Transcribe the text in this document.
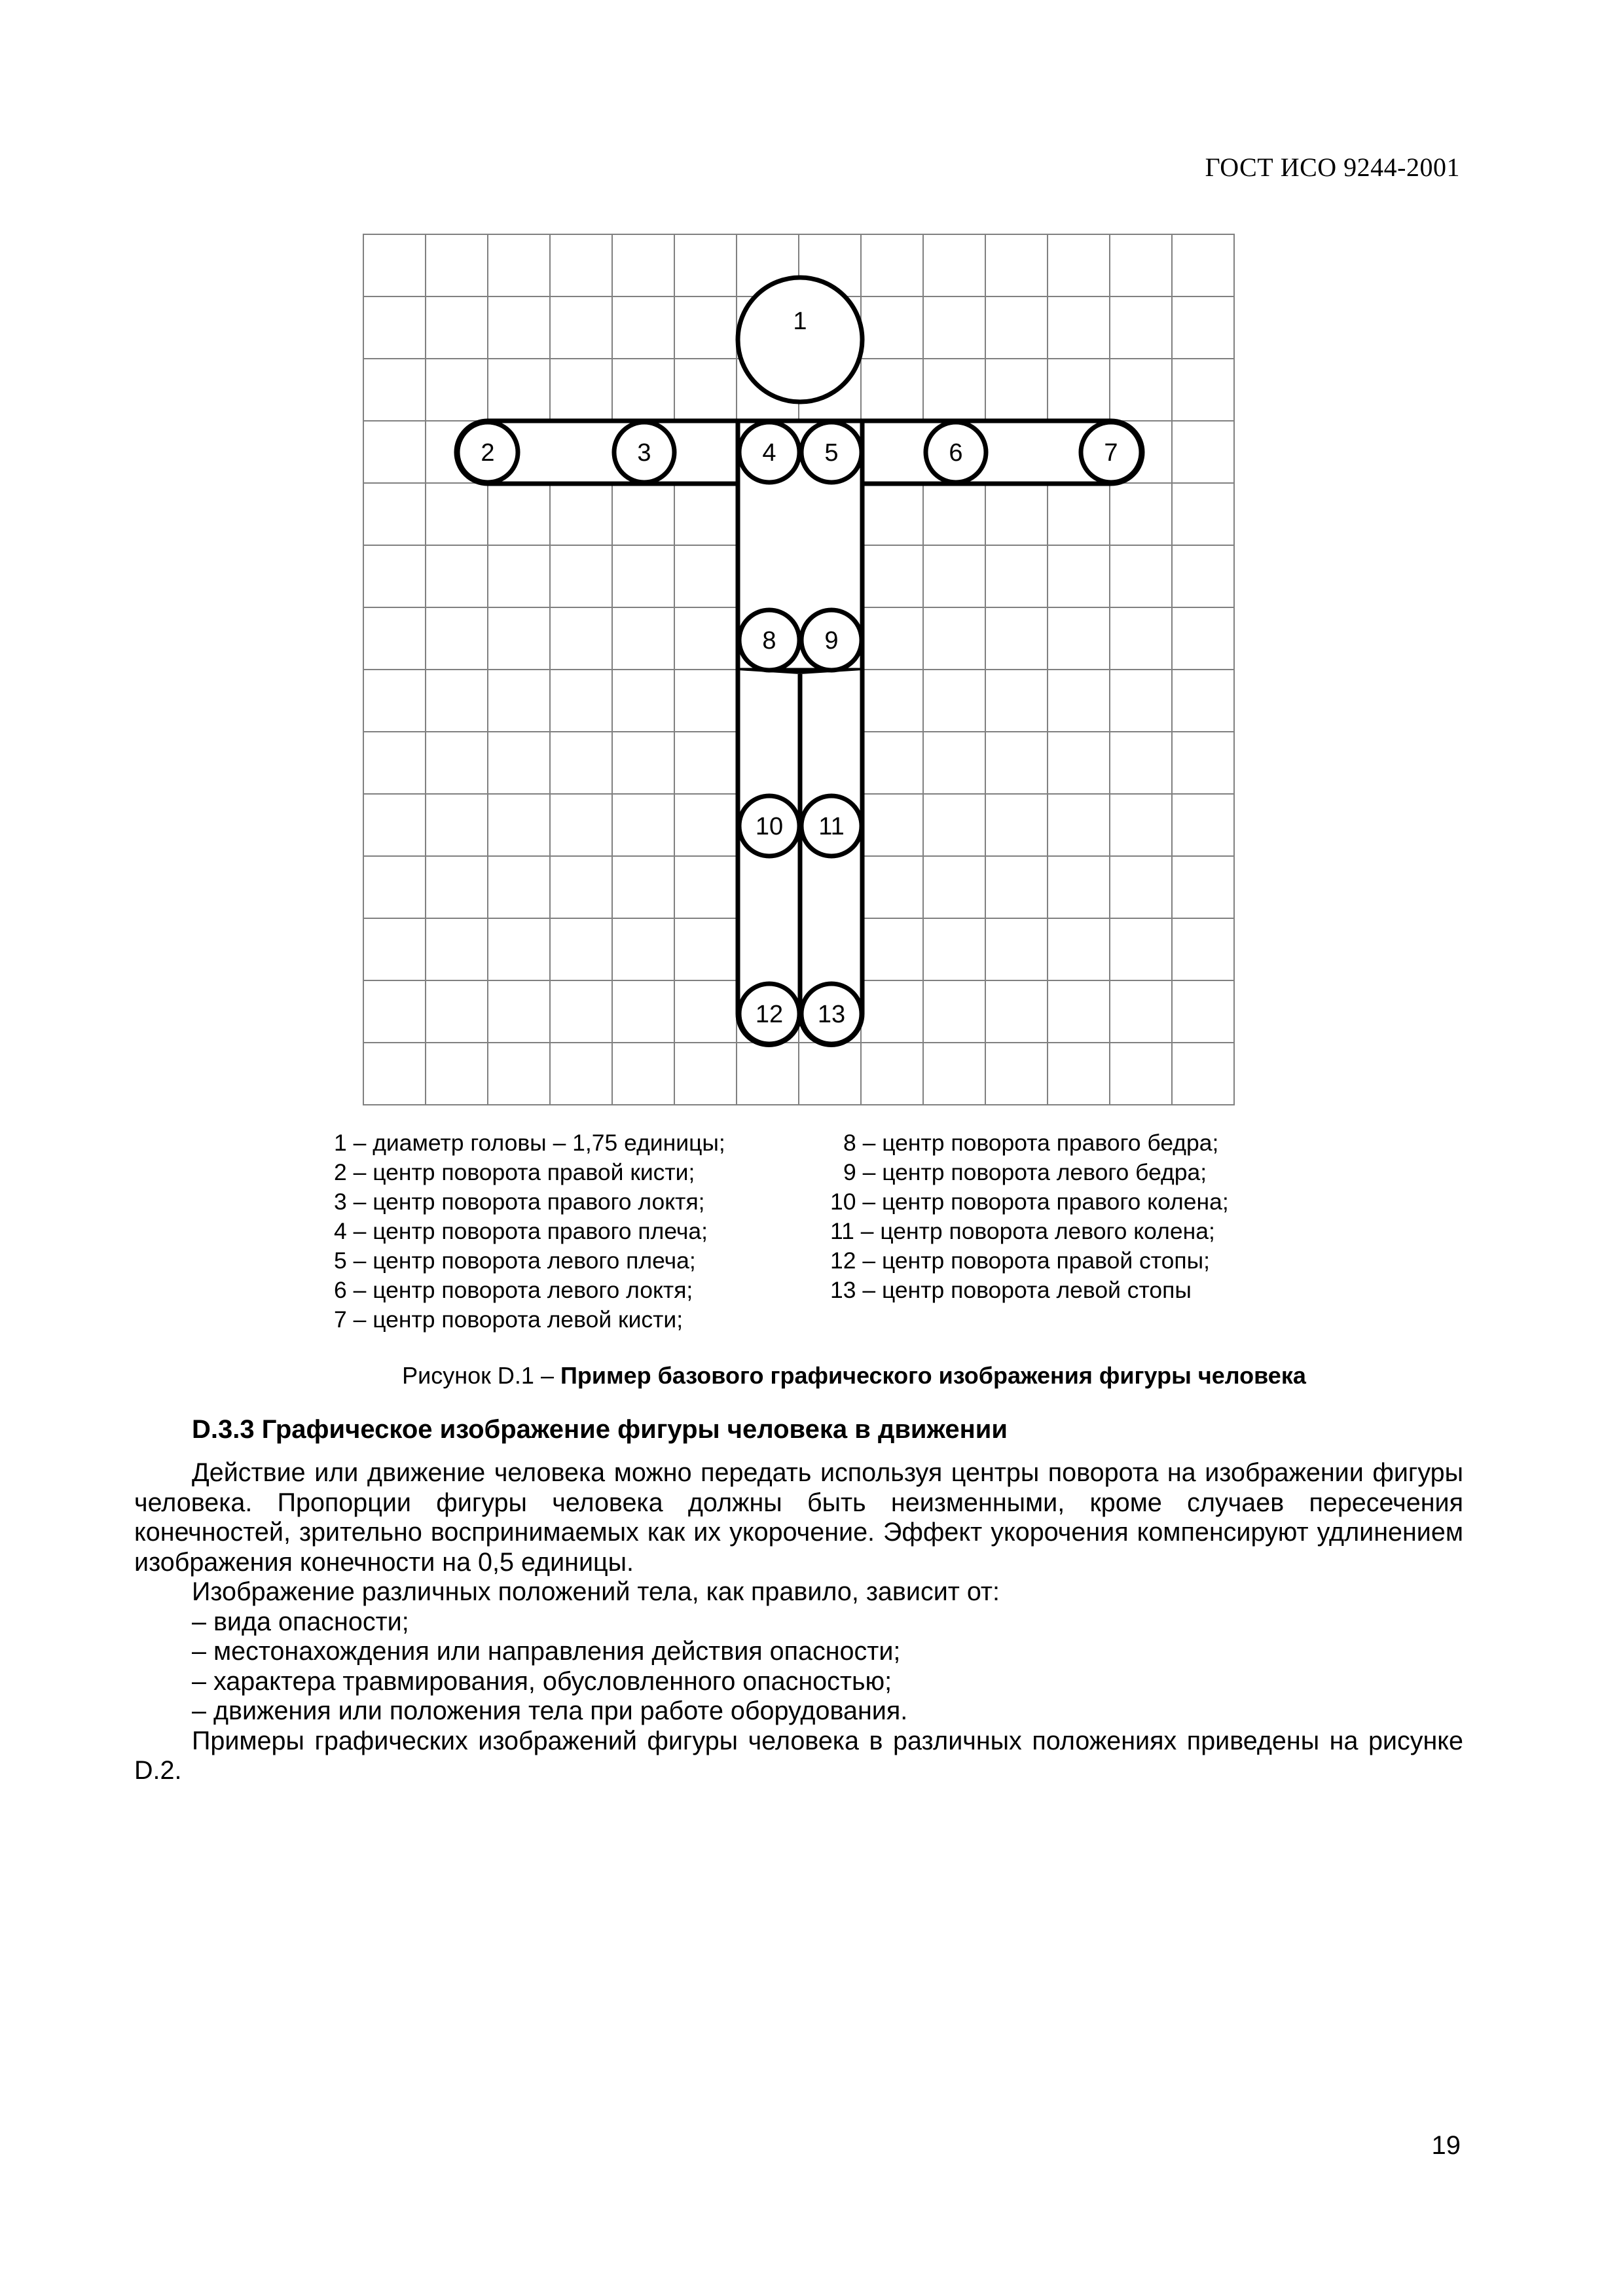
ГОСТ ИСО 9244-2001
1
2	3	4 5	6	7
8 9
10 11
12 13
1 – диаметр головы – 1,75 единицы;
2 – центр поворота правой кисти;
3 – центр поворота правого локтя;
4 – центр поворота правого плеча;
5 – центр поворота левого плеча;
6 – центр поворота левого локтя;
7 – центр поворота левой кисти;
8 – центр поворота правого бедра;
9 – центр поворота левого бедра;
10 – центр поворота правого колена;
11 – центр поворота левого колена;
12 – центр поворота правой стопы;
13 – центр поворота левой стопы
Рисунок D.1 – Пример базового графического изображения фигуры человека
D.3.3 Графическое изображение фигуры человека в движении

Действие или движение человека можно передать используя центры поворота на изображении фигуры человека. Пропорции фигуры человека должны быть неизменными, кроме случаев пересечения конечностей, зрительно воспринимаемых как их укорочение. Эффект укорочения компенсируют удлинением изображения конечности на 0,5 единицы.

Изображение различных положений тела, как правило, зависит от:

– вида опасности;
– местонахождения или направления действия опасности;
– характера травмирования, обусловленного опасностью;
– движения или положения тела при работе оборудования.

Примеры графических изображений фигуры человека в различных положениях приведены на рисунке D.2.

19
